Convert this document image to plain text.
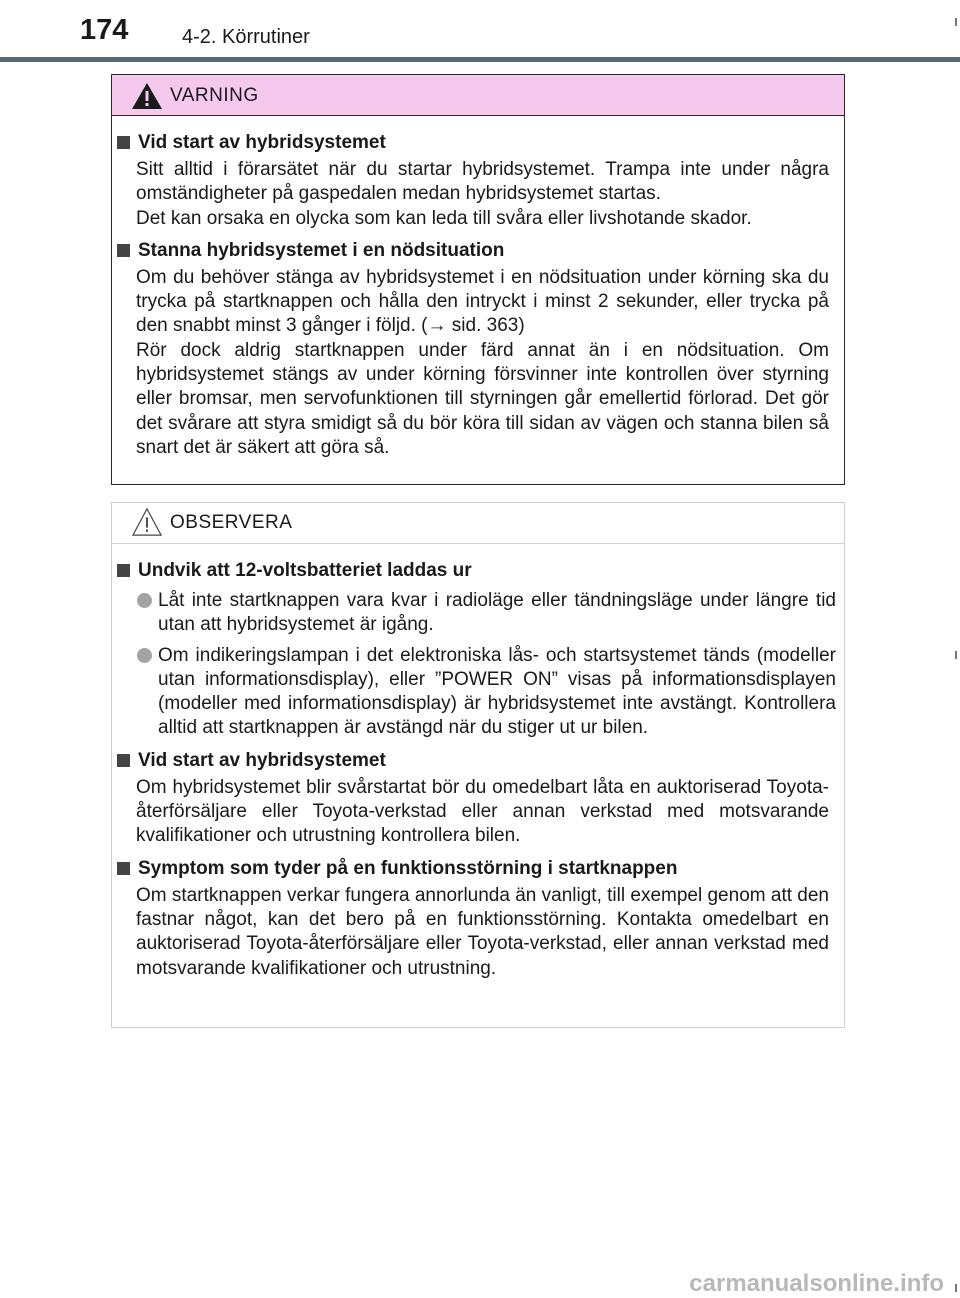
174	4-2. Körrutiner
VARNING
Vid start av hybridsystemet
Sitt alltid i förarsätet när du startar hybridsystemet. Trampa inte under några omständigheter på gaspedalen medan hybridsystemet startas.
Det kan orsaka en olycka som kan leda till svåra eller livshotande skador.
Stanna hybridsystemet i en nödsituation
Om du behöver stänga av hybridsystemet i en nödsituation under körning ska du trycka på startknappen och hålla den intryckt i minst 2 sekunder, eller trycka på den snabbt minst 3 gånger i följd. (→ sid. 363)
Rör dock aldrig startknappen under färd annat än i en nödsituation. Om hybridsystemet stängs av under körning försvinner inte kontrollen över styrning eller bromsar, men servofunktionen till styrningen går emellertid förlorad. Det gör det svårare att styra smidigt så du bör köra till sidan av vägen och stanna bilen så snart det är säkert att göra så.
OBSERVERA
Undvik att 12-voltsbatteriet laddas ur
Låt inte startknappen vara kvar i radioläge eller tändningsläge under längre tid utan att hybridsystemet är igång.
Om indikeringslampan i det elektroniska lås- och startsystemet tänds (modeller utan informationsdisplay), eller ”POWER ON” visas på informationsdisplayen (modeller med informationsdisplay) är hybridsystemet inte avstängt. Kontrollera alltid att startknappen är avstängd när du stiger ut ur bilen.
Vid start av hybridsystemet
Om hybridsystemet blir svårstartat bör du omedelbart låta en auktoriserad Toyota-återförsäljare eller Toyota-verkstad eller annan verkstad med motsvarande kvalifikationer och utrustning kontrollera bilen.
Symptom som tyder på en funktionsstörning i startknappen
Om startknappen verkar fungera annorlunda än vanligt, till exempel genom att den fastnar något, kan det bero på en funktionsstörning. Kontakta omedelbart en auktoriserad Toyota-återförsäljare eller Toyota-verkstad, eller annan verkstad med motsvarande kvalifikationer och utrustning.
carmanualsonline.info
